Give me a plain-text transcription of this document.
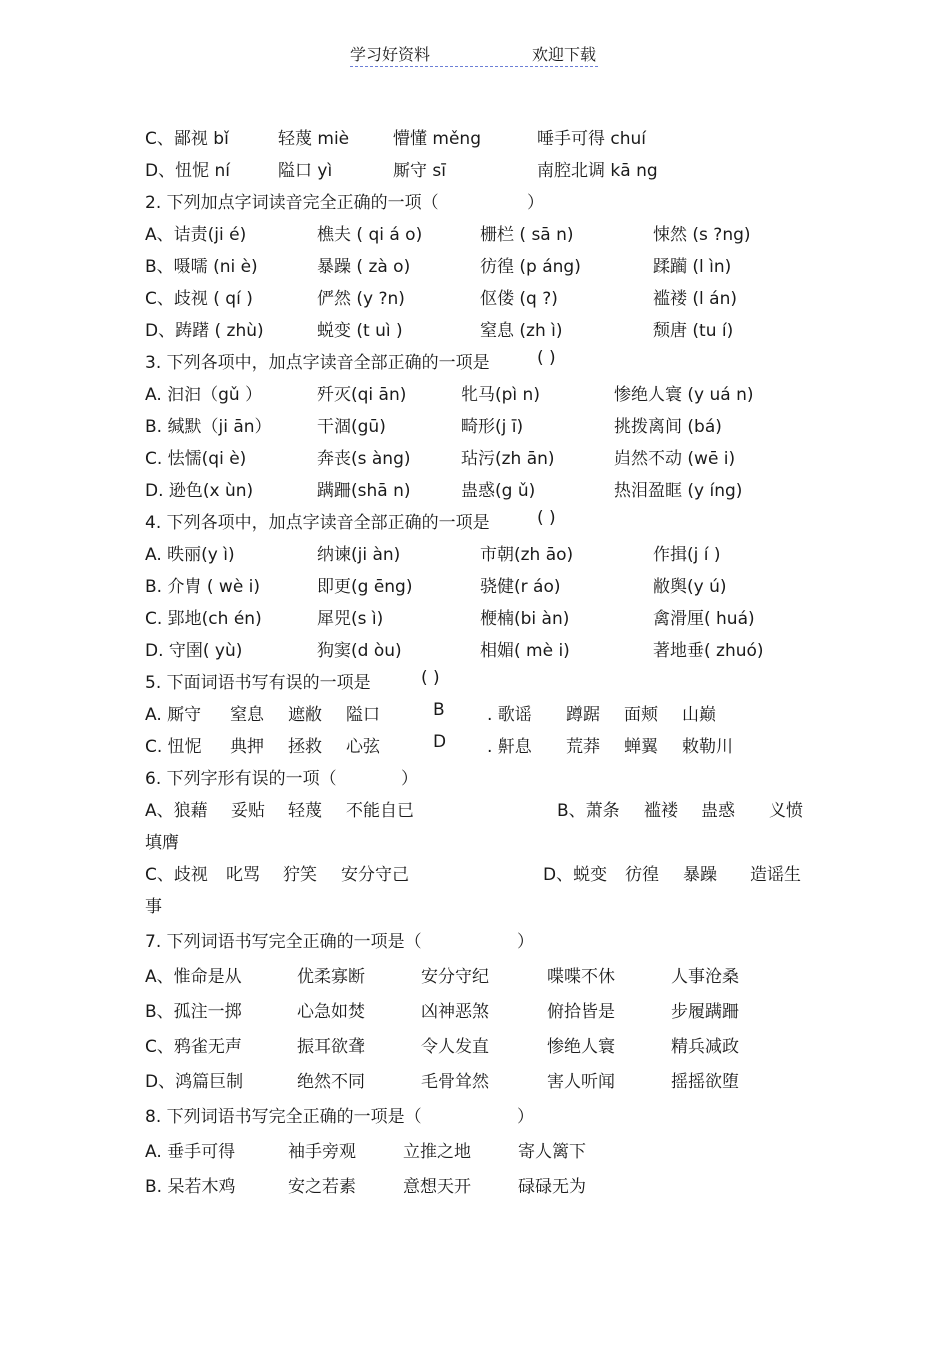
学习好资料	欢迎下载
C、鄙视 bǐ	轻蔑 miè	懵懂 měng	唾手可得 chuí
D、忸怩 ní	隘口 yì	厮守 sī	南腔北调 kā ng
2. 下列加点字词读音完全正确的一项（	）
A、诘责(ji é)	樵夫 ( qi á o)	栅栏 ( sā n)	悚然 (s ?ng)
B、嗫嚅 (ni è)	暴躁 ( zà o)	彷徨 (p áng)	蹂躏 (l ìn)
C、歧视 ( qí )	俨然 (y ?n)	伛偻 (q ?)	褴褛 (l án)
D、踌躇 ( zhù)	蜕变 (t uì )	窒息 (zh ì)	颓唐 (tu í)
3. 下列各项中，加点字读音全部正确的一项是	( )
A. 汩汩（gǔ ）	歼灭(qi ān)	牝马(pì n)	惨绝人寰 (y uá n)
B. 缄默（ji ān）	干涸(gū)	畸形(j ī)	挑拨离间 (bá)
C. 怯懦(qi è)	奔丧(s àng)	玷污(zh ān)	岿然不动 (wē i)
D. 逊色(x ùn)	蹒跚(shā n)	蛊惑(g ǔ)	热泪盈眶 (y íng)
4. 下列各项中，加点字读音全部正确的一项是	( )
A. 昳丽(y ì)	纳谏(ji àn)	市朝(zh āo)	作揖(j í )
B. 介胄 ( wè i)	即更(g ēng)	骁健(r áo)	敝舆(y ú)
C. 郢地(ch én)	犀兕(s ì)	楩楠(bi àn)	禽滑厘( huá)
D. 守圉( yù)	狗窦(d òu)	相媚( mè i)	著地垂( zhuó)
5. 下面词语书写有误的一项是	( )
A. 厮守 窒息 遮敝 隘口	B . 歌谣 蹲踞 面颊 山巅
C. 忸怩 典押 拯救 心弦	D . 鼾息 荒莽 蝉翼 敕勒川
6. 下列字形有误的一项（	）
A、狼藉 妥贴 轻蔑 不能自已	B、萧条 褴褛 蛊惑 义愤
填膺
C、歧视 叱骂 狞笑 安分守己	D、蜕变 彷徨 暴躁 造谣生
事
7. 下列词语书写完全正确的一项是（	）
A、惟命是从	优柔寡断	安分守纪	喋喋不休	人事沧桑
B、孤注一掷	心急如焚	凶神恶煞	俯拾皆是	步履蹒跚
C、鸦雀无声	振耳欲聋	令人发直	惨绝人寰	精兵减政
D、鸿篇巨制	绝然不同	毛骨耸然	害人听闻	摇摇欲堕
8. 下列词语书写完全正确的一项是（	）
A. 垂手可得	袖手旁观	立推之地	寄人篱下
B. 呆若木鸡	安之若素	意想天开	碌碌无为
